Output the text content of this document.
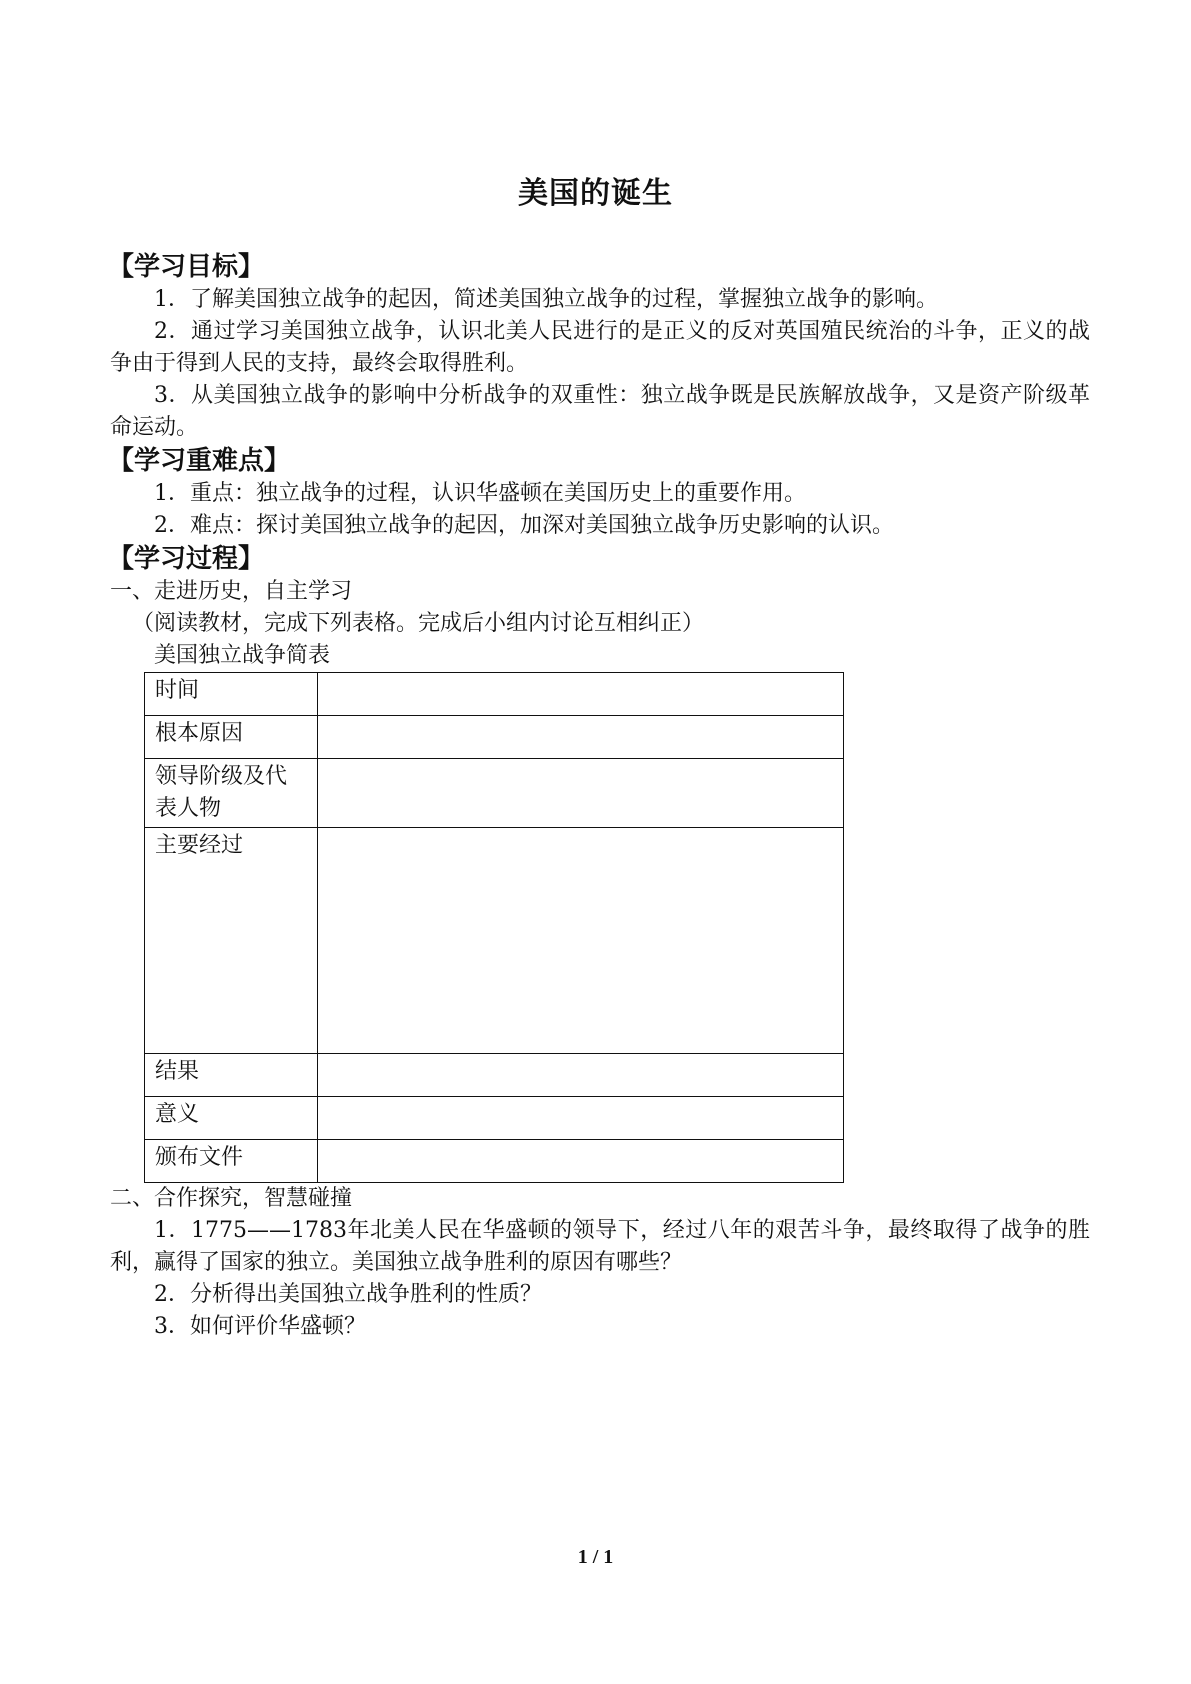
美国的诞生
【学习目标】
1．了解美国独立战争的起因，简述美国独立战争的过程，掌握独立战争的影响。
2．通过学习美国独立战争，认识北美人民进行的是正义的反对英国殖民统治的斗争，正义的战争由于得到人民的支持，最终会取得胜利。
3．从美国独立战争的影响中分析战争的双重性：独立战争既是民族解放战争，又是资产阶级革命运动。
【学习重难点】
1．重点：独立战争的过程，认识华盛顿在美国历史上的重要作用。
2．难点：探讨美国独立战争的起因，加深对美国独立战争历史影响的认识。
【学习过程】
一、走进历史，自主学习
（阅读教材，完成下列表格。完成后小组内讨论互相纠正）
美国独立战争简表
时间	
根本原因	
领导阶级及代表人物	
主要经过	
结果	
意义	
颁布文件	
二、合作探究，智慧碰撞
1．1775——1783年北美人民在华盛顿的领导下，经过八年的艰苦斗争，最终取得了战争的胜利，赢得了国家的独立。美国独立战争胜利的原因有哪些？
2．分析得出美国独立战争胜利的性质？
3．如何评价华盛顿？
1 / 1
